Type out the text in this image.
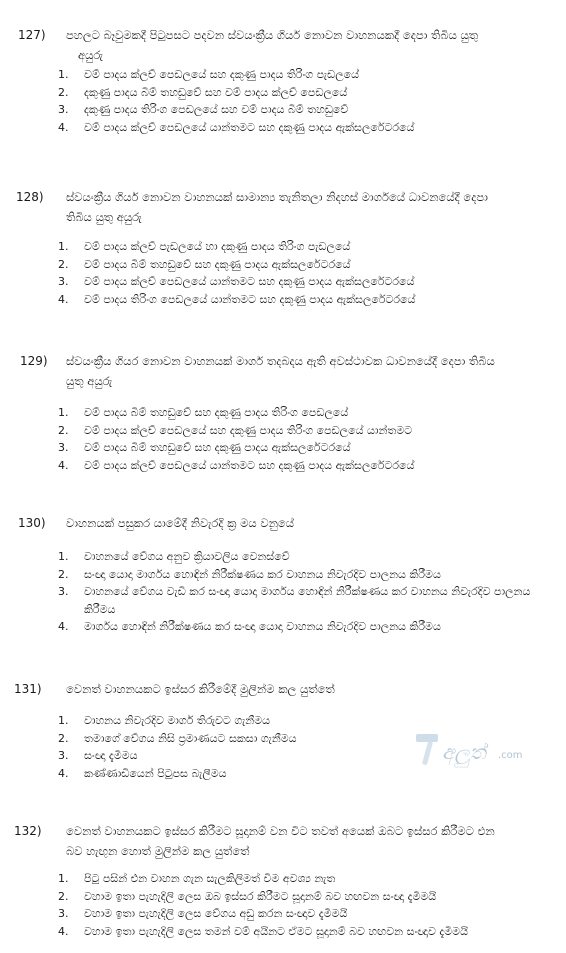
127) පහලට බෑවුමකදී පිටුපසට පදවන ස්වයංක්‍රීය ගියර් නොවන වාහනයකදී දෙපා තිබිය යුතු
අයුරු
1.	වම් පාදය ක්ලච් පෙඩලයේ සහ දකුණු පාදය තිරිංග පැඩලයේ
2.	දකුණු පාදය බිම් තහඩුවේ සහ වම් පාදය ක්ලච් පෙඩලයේ
3.	දකුණු පාදය තිරිංග පෙඩලයේ සහ වම් පාදය බිම් තහඩුවේ
4.	වම් පාදය ක්ලච් පෙඩලයේ යාන්තමට සහ දකුණු පාදය ඇක්සලරේටරයේ
128) ස්වයංක්‍රීය ගියර් නොවන වාහනයක් සාමාන්‍ය තැනිතලා නිදහස් මාර්ගයේ ධාවනයේදී දෙපා
තිබිය යුතු අයුරු
1.	වම් පාදය ක්ලච් පැඩලයේ හා දකුණු පාදය තිරිංග පැඩලයේ
2.	වම් පාදය බිම් තහඩුවේ සහ දකුණු පාදය ඇක්සලරේටරයේ
3.	වම් පාදය ක්ලච් පෙඩලයේ යාන්තමට සහ දකුණු පාදය ඇක්සලරේටරයේ
4.	වම් පාදය තිරිංග පෙඩලයේ යාන්තමට සහ දකුණු පාදය ඇක්සලරේටරයේ
129) ස්වයංක්‍රීය ගියර නොවන වාහනයක් මාර්ග තදබදය ඇති අවස්ථාවක ධාවනයේදී දෙපා තිබිය
යුතු අයුරු
1.	වම් පාදය බිම් තහඩුවේ සහ දකුණු පාදය තිරිංග පෙඩලයේ
2.	වම් පාදය ක්ලච් පෙඩලයේ සහ දකුණු පාදය තිරිංග පෙඩලයේ යාන්තමට
3.	වම් පාදය බිම් තහඩුවේ සහ දකුණු පාදය ඇක්සලරේටරයේ
4.	වම් පාදය ක්ලච් පෙඩලයේ යාන්තමට සහ දකුණු පාදය ඇක්සලරේටරයේ
130) වාහනයක් පසුකර යාමේදී නිවැරදි ක්‍ර මය වනුයේ
1.	වාහනයේ වේගය අනුව ක්‍රියාවලිය වෙනස්වේ
2.	සංඥා යොදා මාර්ගය හොඳින් නිරීක්ෂණය කර වාහනය නිවැරදිව පාලනය කිරීමය
3.	වාහනයේ වේගය වැඩි කර සංඥා යොදා මාර්ගය හොඳින් නිරීක්ෂණය කර වාහනය නිවැරදිව පාලනය කිරීමය
4.	මාර්ගය හොඳින් නිරීක්ෂණය කර සංඥා යොදා වාහනය නිවැරදිව පාලනය කිරීමය
131) වෙනත් වාහනයකට ඉස්සර කිරීමේදී මුලින්ම කල යුත්තේ
1.	වාහනය නිවැරදිව මාර්ග තිරුවට ගැනීමය
2.	තමාගේ වේගය නිසි ප්‍රමාණයට සකසා ගැනීමය
3.	සංඥා දැමීමය
4.	කණ්ණාඩියෙන් පිටුපස බැලීමය
132) වෙනත් වාහනයකට ඉස්සර කිරීමට සූදානම් වන විට තවත් අයෙක් ඔබට ඉස්සර කිරීමට එන
බව හැඟුන හොත් මුලින්ම කල යුත්තේ
1.	පිටු පසින් එන වාහන ගැන සැලකිලිමත් වීම අවශ්‍ය නැත
2.	වහාම ඉතා පැහැදිලි ලෙස ඔබ ඉස්සර කිරීමට සූදානම් බව හඟවන සංඥා දැමීමයි
3.	වහාම ඉතා පැහැදිලි ලෙස වේගය අඩු කරන සංඥාව දැමීමයි
4.	වහාම ඉතා පැහැදිලි ලෙස තමන් වම් අයිනට ඒමට සූදානම් බව හඟවන සංඥාව දැමීමයි
අලුත් .com
